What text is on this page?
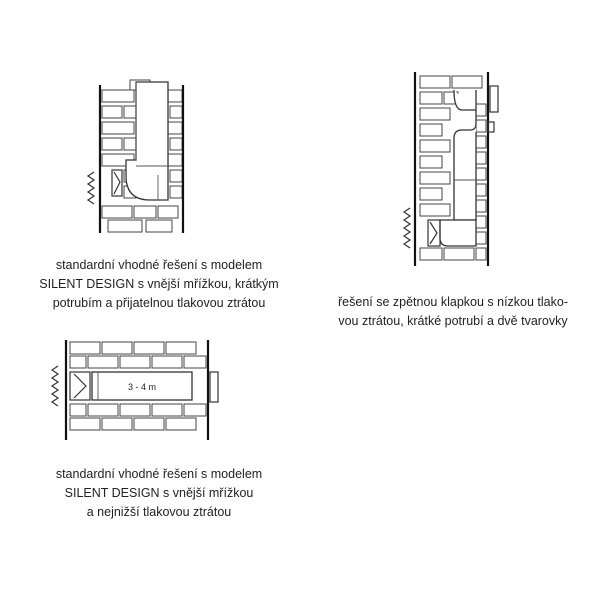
3 - 4 m
standardní vhodné řešení s modelem
SILENT DESIGN s vnější mřížkou, krátkým
potrubím a přijatelnou tlakovou ztrátou	řešení se zpětnou klapkou s nízkou tlako-
vou ztrátou, krátké potrubí a dvě tvarovky
standardní vhodné řešení s modelem
SILENT DESIGN s vnější mřížkou
a nejnižší tlakovou ztrátou
